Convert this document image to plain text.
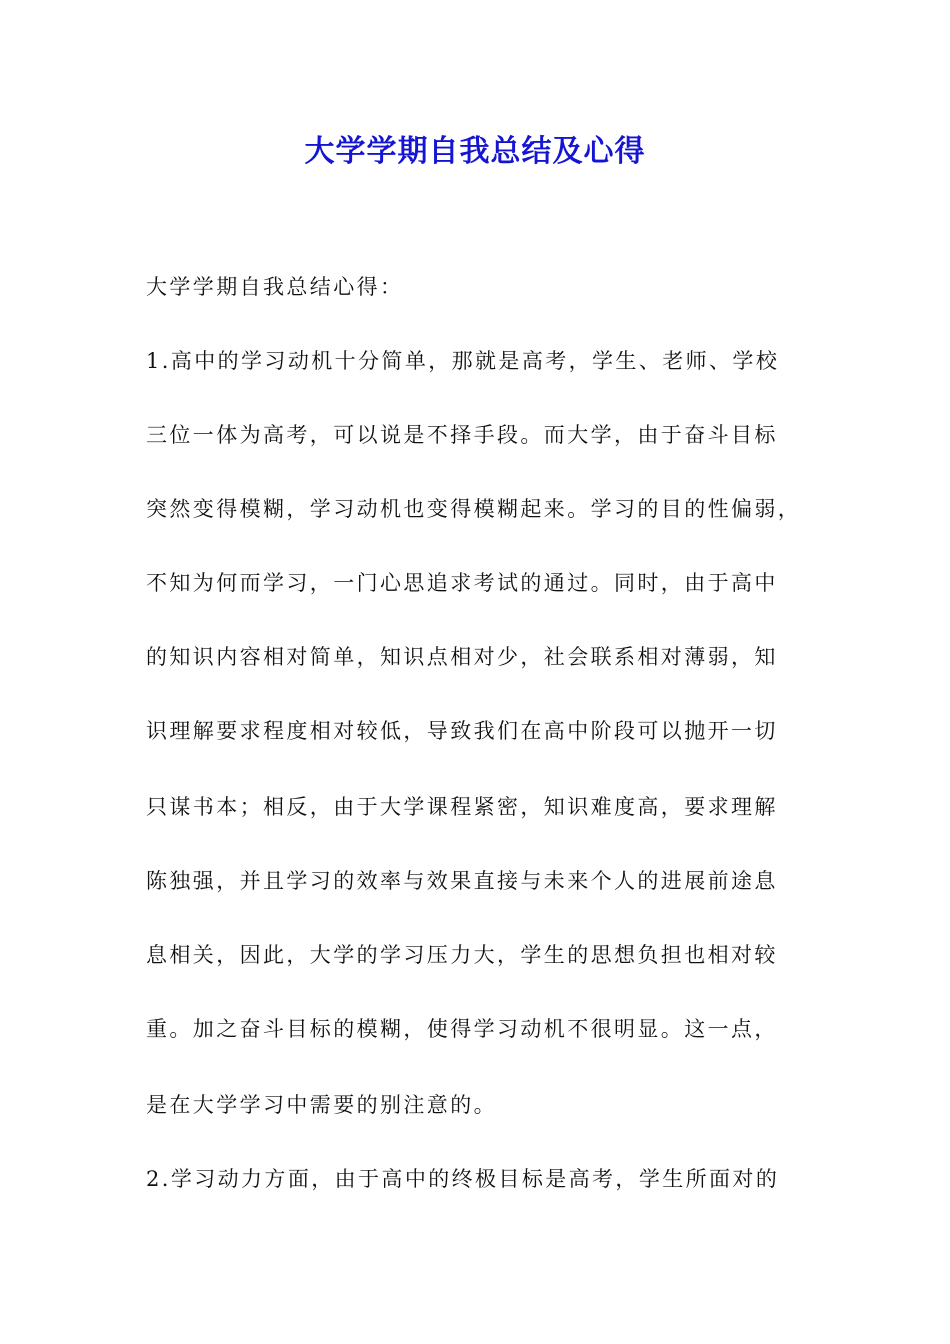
大学学期自我总结及心得
大学学期自我总结心得：
1.高中的学习动机十分简单，那就是高考，学生、老师、学校
三位一体为高考，可以说是不择手段。而大学，由于奋斗目标
突然变得模糊，学习动机也变得模糊起来。学习的目的性偏弱，
不知为何而学习，一门心思追求考试的通过。同时，由于高中
的知识内容相对简单，知识点相对少，社会联系相对薄弱，知
识理解要求程度相对较低，导致我们在高中阶段可以抛开一切
只谋书本；相反，由于大学课程紧密，知识难度高，要求理解
陈独强，并且学习的效率与效果直接与未来个人的进展前途息
息相关，因此，大学的学习压力大，学生的思想负担也相对较
重。加之奋斗目标的模糊，使得学习动机不很明显。这一点，
是在大学学习中需要的别注意的。
2.学习动力方面，由于高中的终极目标是高考，学生所面对的
